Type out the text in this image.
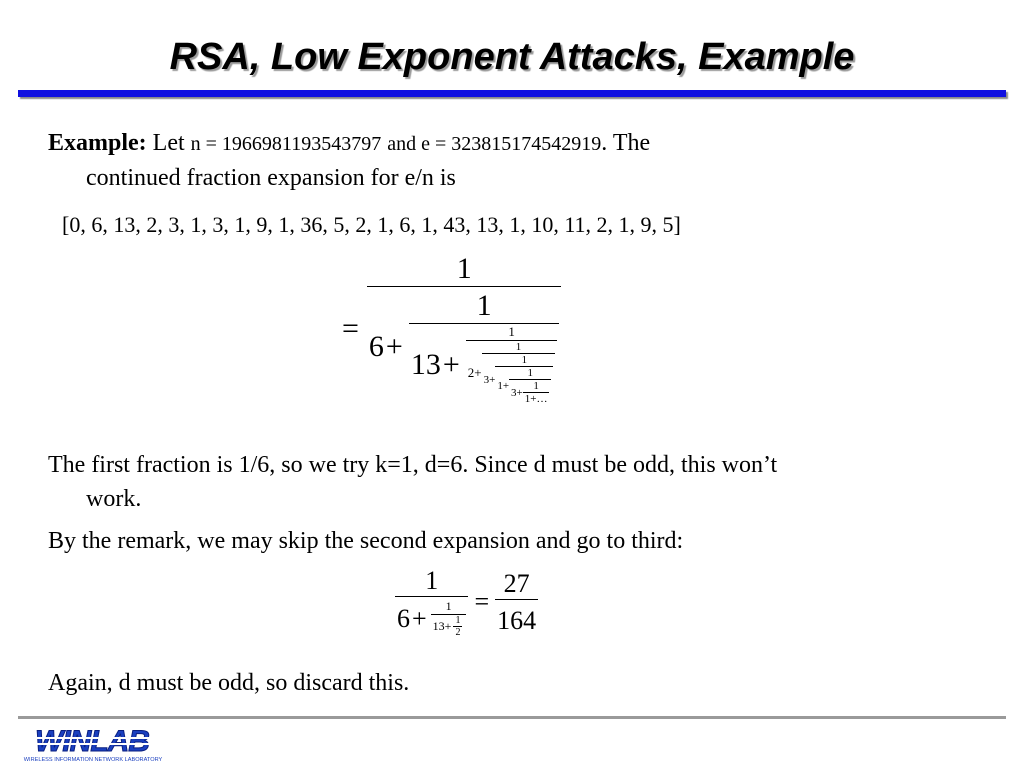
RSA, Low Exponent Attacks, Example
Example: Let n = 1966981193543797 and e = 323815174542919. The
continued fraction expansion for e/n is
[0, 6, 13, 2, 3, 1, 3, 1, 9, 1, 36, 5, 2, 1, 6, 1, 43, 13, 1, 10, 11, 2, 1, 9, 5]
=
1
6 +
1
13 +
1
2 +
1
3 +
1
1 +
1
$3 + \frac{1}{1+\dots}$
The first fraction is 1/6, so we try k=1, d=6. Since d must be odd, this won’t
work.
By the remark, we may skip the second expansion and go to third:
1
$6 + \frac{1}{13+ \frac{1}{2}} = \frac{27}{164}$
Again, d must be odd, so discard this.
WINLAB
WIRELESS INFORMATION NETWORK LABORATORY
